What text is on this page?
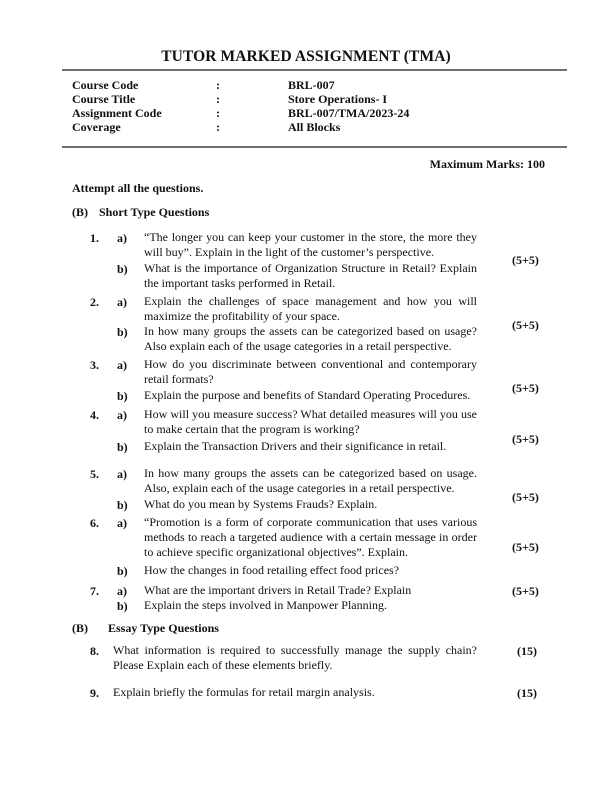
TUTOR MARKED ASSIGNMENT (TMA)
Course Code	:	BRL-007
Course Title	:	Store Operations- I
Assignment Code	:	BRL-007/TMA/2023-24
Coverage	:	All Blocks
Maximum Marks: 100
Attempt all the questions.
(B) Short Type Questions
1. a) “The longer you can keep your customer in the store, the more they will buy”. Explain in the light of the customer’s perspective.
b) What is the importance of Organization Structure in Retail? Explain the important tasks performed in Retail.
(5+5)
2. a) Explain the challenges of space management and how you will maximize the profitability of your space.
b) In how many groups the assets can be categorized based on usage? Also explain each of the usage categories in a retail perspective.
(5+5)
3. a) How do you discriminate between conventional and contemporary retail formats?
b) Explain the purpose and benefits of Standard Operating Procedures.	(5+5)
4. a) How will you measure success? What detailed measures will you use to make certain that the program is working?
b) Explain the Transaction Drivers and their significance in retail.	(5+5)
5. a) In how many groups the assets can be categorized based on usage. Also, explain each of the usage categories in a retail perspective.
b) What do you mean by Systems Frauds? Explain.	(5+5)
6. a) “Promotion is a form of corporate communication that uses various methods to reach a targeted audience with a certain message in order to achieve specific organizational objectives”. Explain.
b) How the changes in food retailing effect food prices?
(5+5)
7. a) What are the important drivers in Retail Trade? Explain
b) Explain the steps involved in Manpower Planning.
(5+5)
(B) Essay Type Questions
8. What information is required to successfully manage the supply chain? Please Explain each of these elements briefly.
(15)
9. Explain briefly the formulas for retail margin analysis.	(15)
